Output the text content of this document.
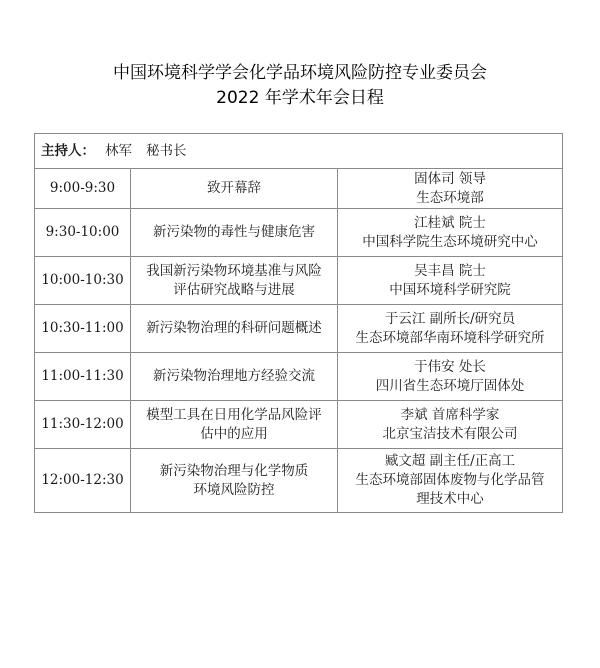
中国环境科学学会化学品环境风险防控专业委员会
2022 年学术年会日程
主持人： 林军 秘书长		
9:00-9:30	致开幕辞	固体司 领导
生态环境部

9:30-10:00	新污染物的毒性与健康危害	江桂斌 院士
中国科学院生态环境研究中心

10:00-10:30	我国新污染物环境基准与风险
评估研究战略与进展	吴丰昌 院士
中国环境科学研究院

10:30-11:00	新污染物治理的科研问题概述	于云江 副所长/研究员
生态环境部华南环境科学研究所

11:00-11:30	新污染物治理地方经验交流	于伟安 处长
四川省生态环境厅固体处

11:30-12:00	模型工具在日用化学品风险评
估中的应用	李斌 首席科学家
北京宝洁技术有限公司

12:00-12:30	新污染物治理与化学物质
环境风险防控	臧文超 副主任/正高工
生态环境部固体废物与化学品管
理技术中心
